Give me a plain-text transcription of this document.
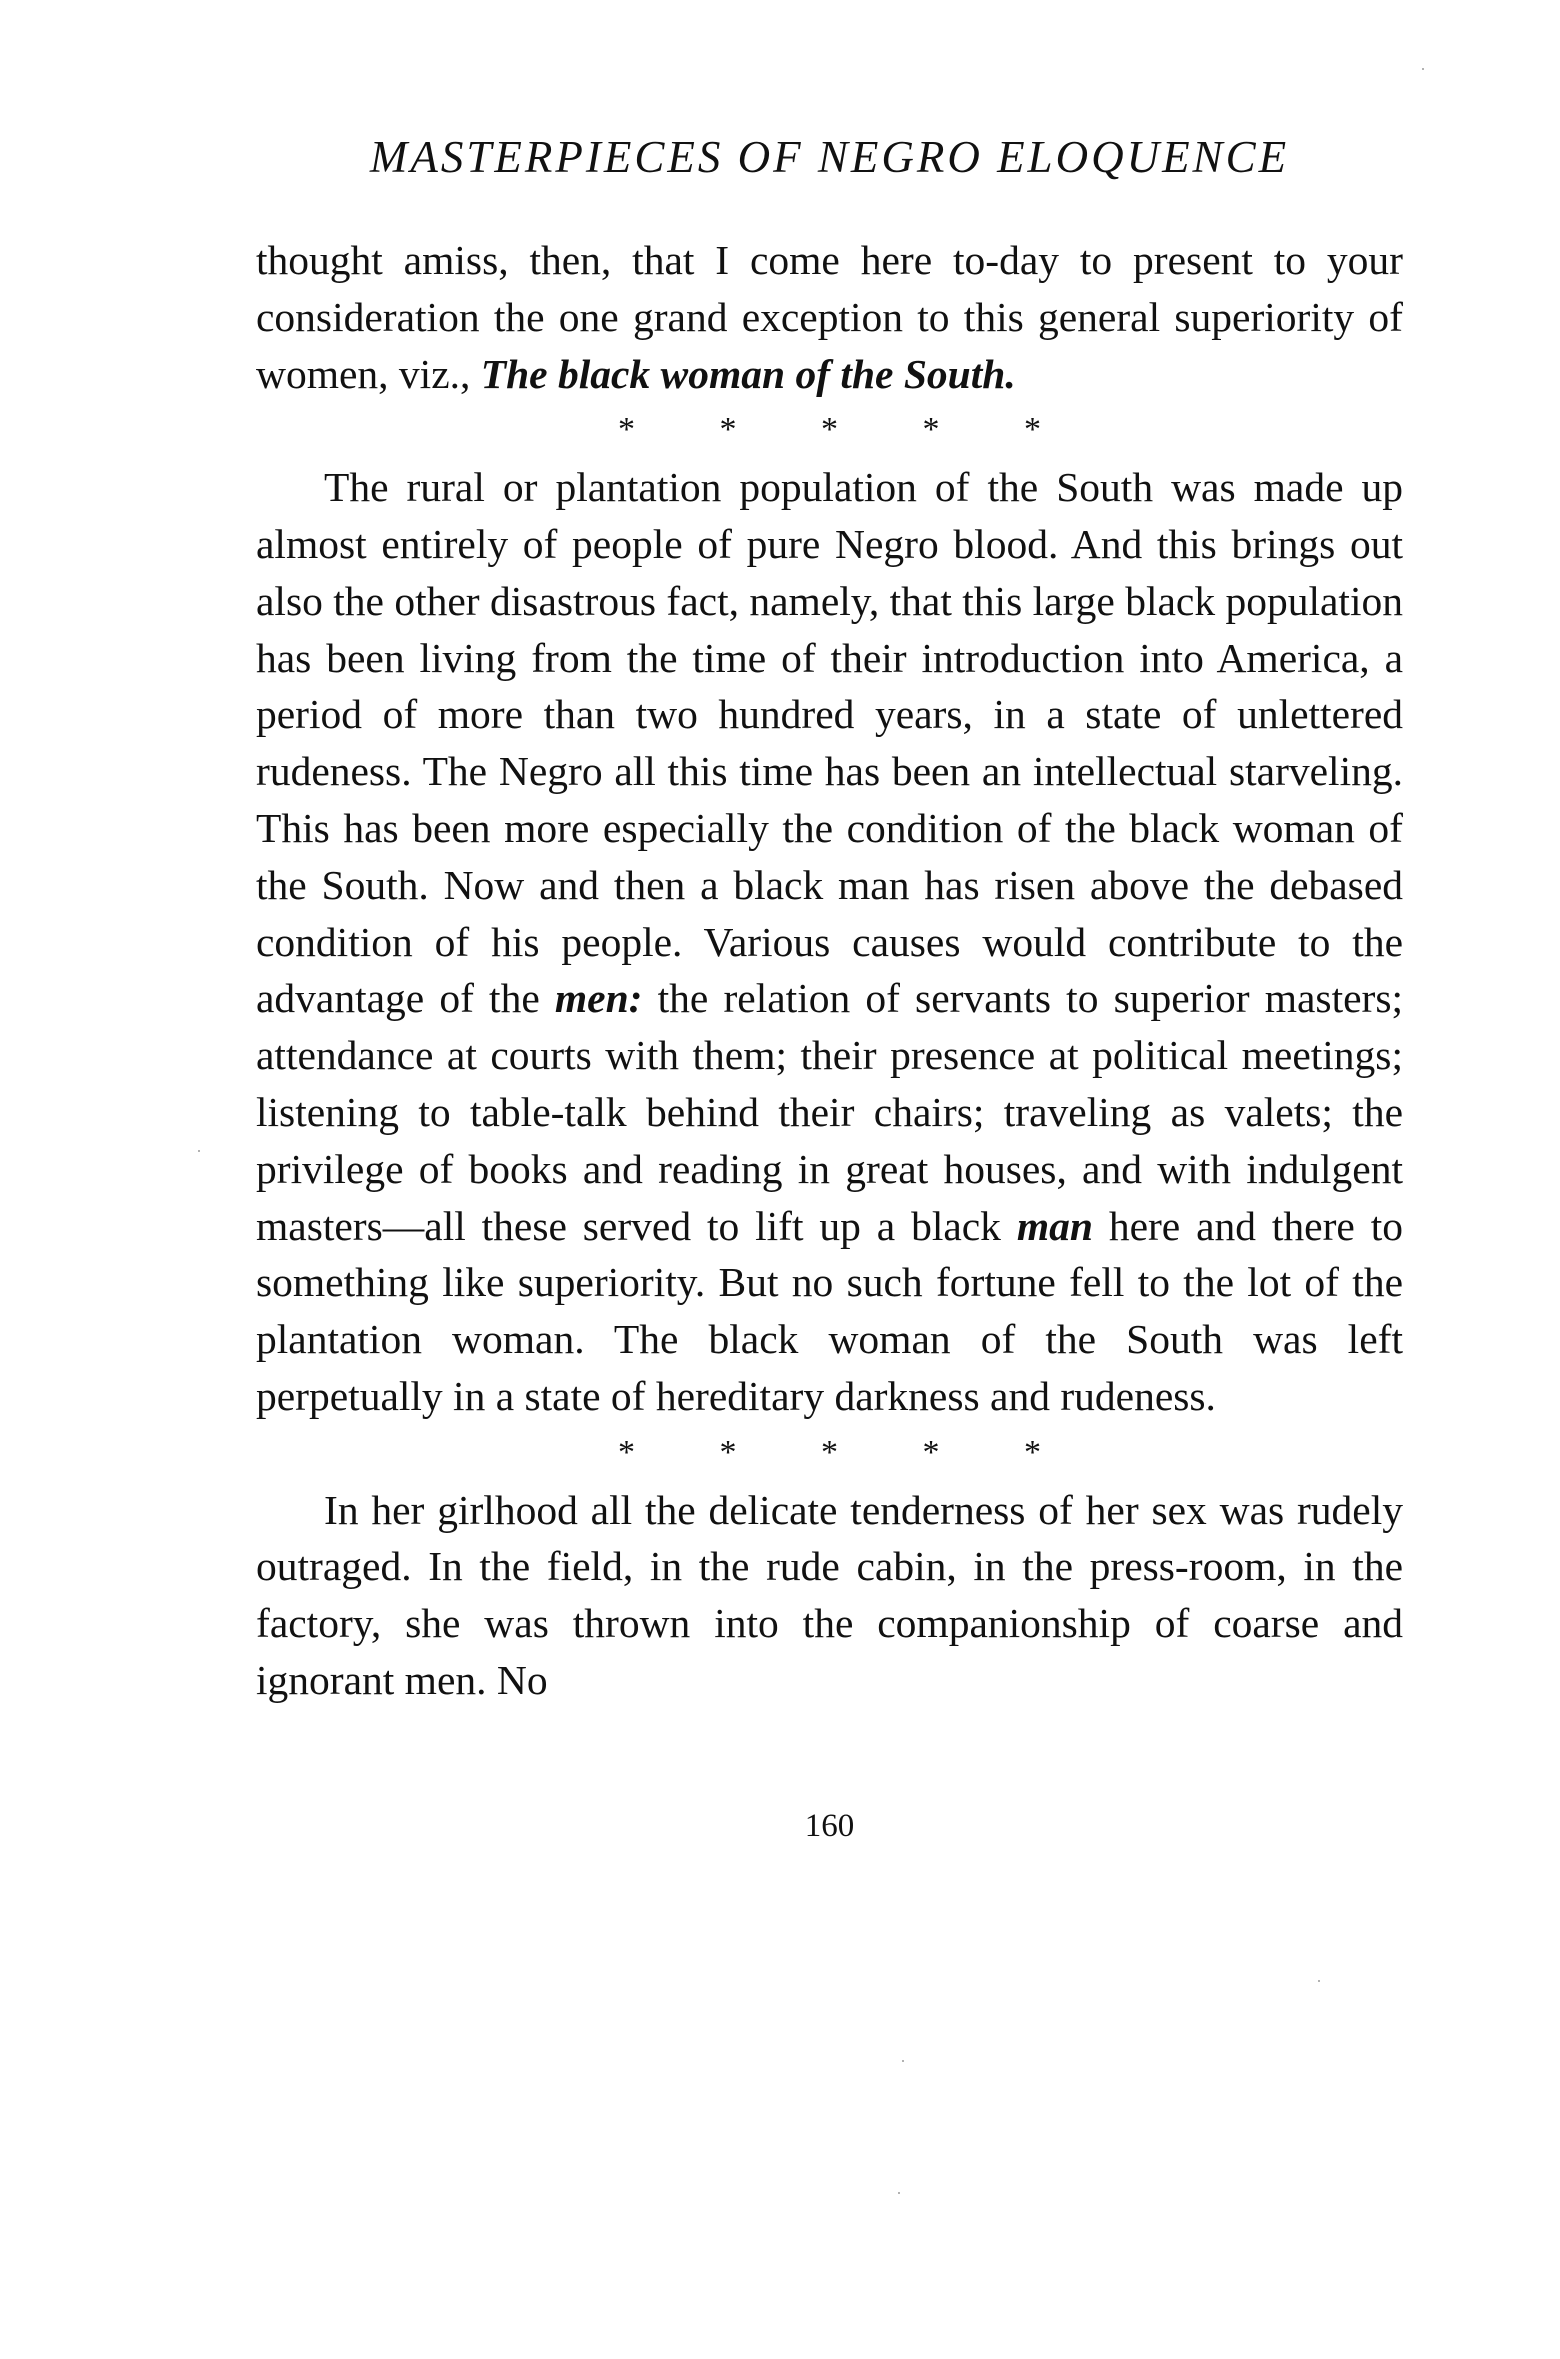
MASTERPIECES OF NEGRO ELOQUENCE

thought amiss, then, that I come here to-day to present to your consideration the one grand exception to this general superiority of women, viz., The black woman of the South.

* * * * *

The rural or plantation population of the South was made up almost entirely of people of pure Negro blood. And this brings out also the other disastrous fact, namely, that this large black population has been living from the time of their introduction into America, a period of more than two hundred years, in a state of unlettered rudeness. The Negro all this time has been an intellectual starveling. This has been more especially the condition of the black woman of the South. Now and then a black man has risen above the debased condition of his people. Various causes would contribute to the advantage of the men: the relation of servants to superior masters; attendance at courts with them; their presence at political meetings; listening to table-talk behind their chairs; traveling as valets; the privilege of books and reading in great houses, and with indulgent masters—all these served to lift up a black man here and there to something like superiority. But no such fortune fell to the lot of the plantation woman. The black woman of the South was left perpetually in a state of hereditary darkness and rudeness.

* * * * *

In her girlhood all the delicate tenderness of her sex was rudely outraged. In the field, in the rude cabin, in the press-room, in the factory, she was thrown into the companionship of coarse and ignorant men. No

160
